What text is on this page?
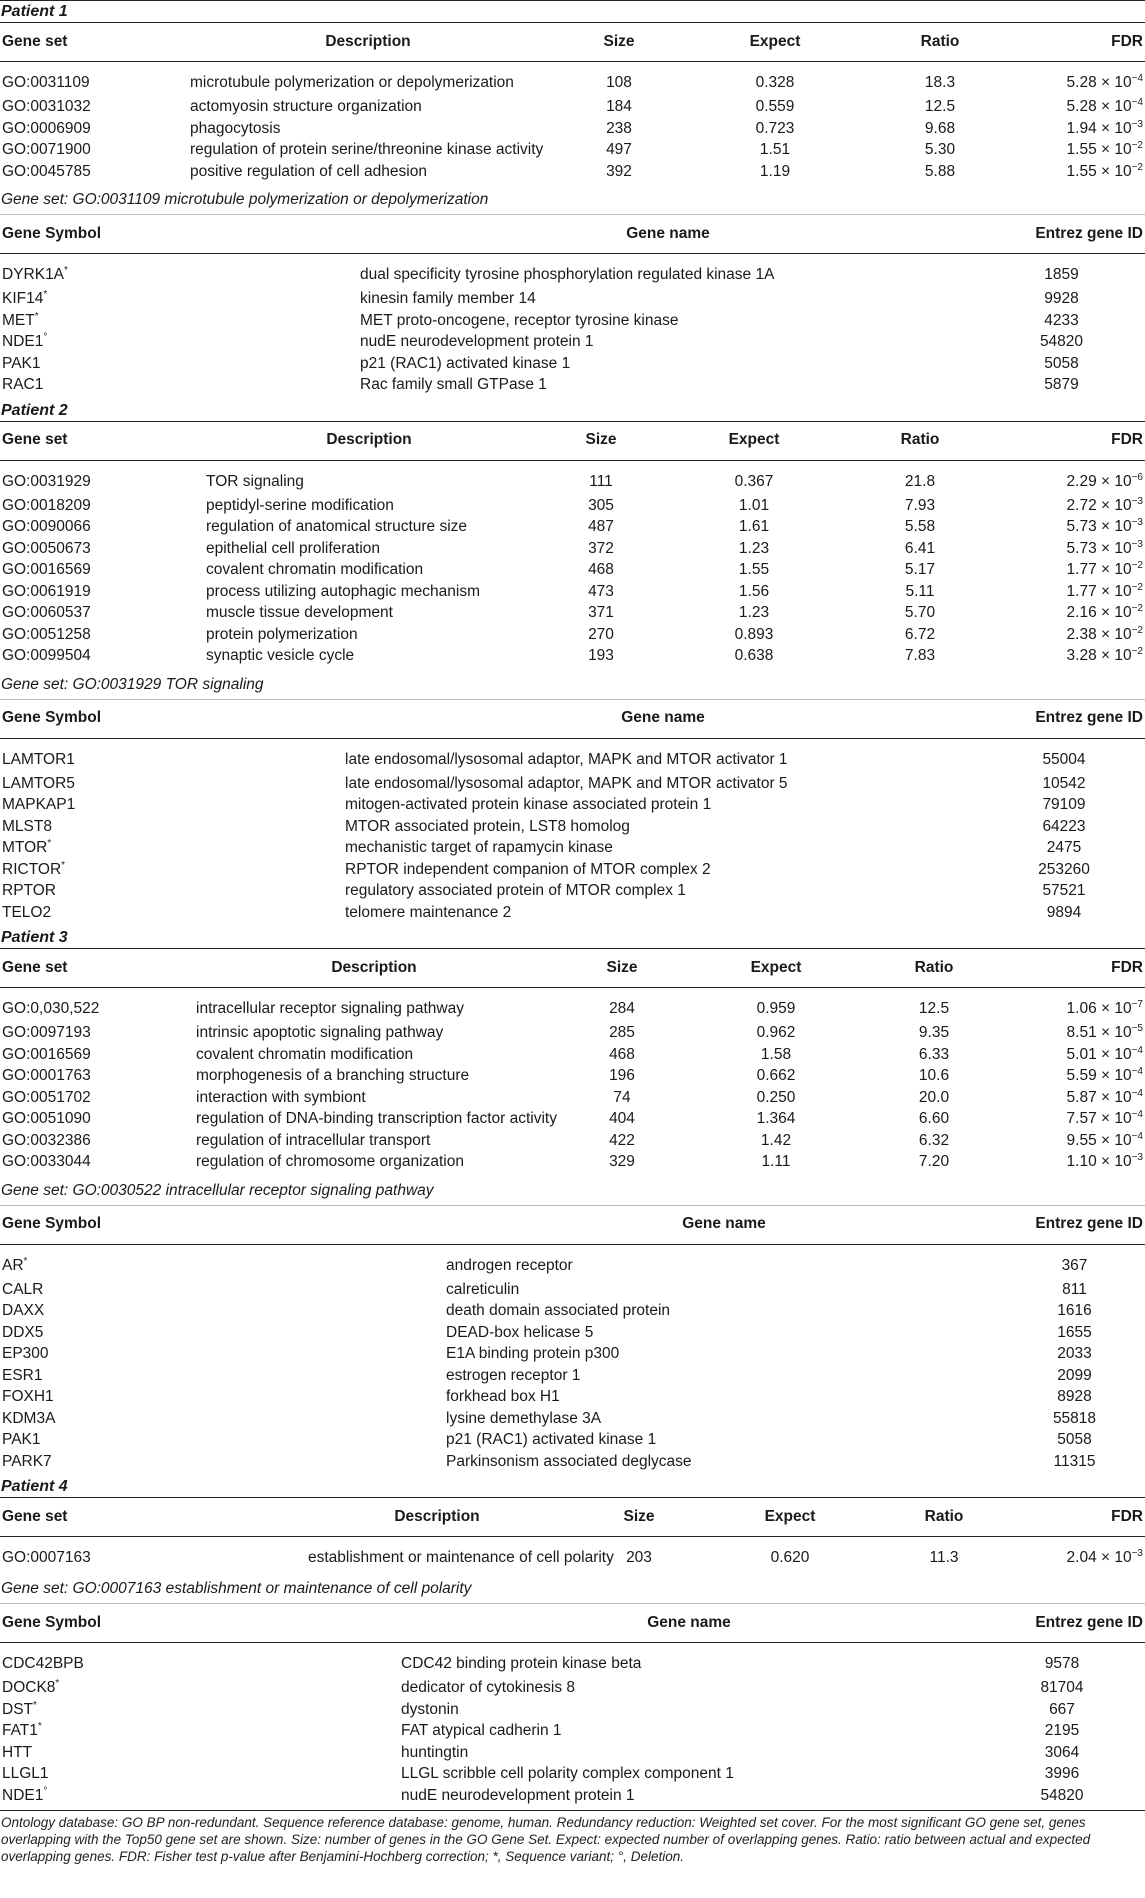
Patient 1
Gene set	Description	Size	Expect	Ratio	FDR
GO:0031109	microtubule polymerization or depolymerization	108	0.328	18.3	$5.28 \times 10^{-4}$
GO:0031032	actomyosin structure organization	184	0.559	12.5	$5.28 \times 10^{-4}$
GO:0006909	phagocytosis	238	0.723	9.68	$1.94 \times 10^{-3}$
GO:0071900	regulation of protein serine/threonine kinase activity	497	1.51	5.30	$1.55 \times 10^{-2}$
GO:0045785	positive regulation of cell adhesion	392	1.19	5.88	$1.55 \times 10^{-2}$
Gene set: GO:0031109 microtubule polymerization or depolymerization
Gene Symbol	Gene name	Entrez gene ID
DYRK1A*	dual specificity tyrosine phosphorylation regulated kinase 1A	1859
KIF14*	kinesin family member 14	9928
MET*	MET proto-oncogene, receptor tyrosine kinase	4233
NDE1°	nudE neurodevelopment protein 1	54820
PAK1	p21 (RAC1) activated kinase 1	5058
RAC1	Rac family small GTPase 1	5879
Patient 2
Gene set	Description	Size	Expect	Ratio	FDR
GO:0031929	TOR signaling	111	0.367	21.8	$2.29 \times 10^{-6}$
GO:0018209	peptidyl-serine modification	305	1.01	7.93	$2.72 \times 10^{-3}$
GO:0090066	regulation of anatomical structure size	487	1.61	5.58	$5.73 \times 10^{-3}$
GO:0050673	epithelial cell proliferation	372	1.23	6.41	$5.73 \times 10^{-3}$
GO:0016569	covalent chromatin modification	468	1.55	5.17	$1.77 \times 10^{-2}$
GO:0061919	process utilizing autophagic mechanism	473	1.56	5.11	$1.77 \times 10^{-2}$
GO:0060537	muscle tissue development	371	1.23	5.70	$2.16 \times 10^{-2}$
GO:0051258	protein polymerization	270	0.893	6.72	$2.38 \times 10^{-2}$
GO:0099504	synaptic vesicle cycle	193	0.638	7.83	$3.28 \times 10^{-2}$
Gene set: GO:0031929 TOR signaling
Gene Symbol	Gene name	Entrez gene ID
LAMTOR1	late endosomal/lysosomal adaptor, MAPK and MTOR activator 1	55004
LAMTOR5	late endosomal/lysosomal adaptor, MAPK and MTOR activator 5	10542
MAPKAP1	mitogen-activated protein kinase associated protein 1	79109
MLST8	MTOR associated protein, LST8 homolog	64223
MTOR*	mechanistic target of rapamycin kinase	2475
RICTOR*	RPTOR independent companion of MTOR complex 2	253260
RPTOR	regulatory associated protein of MTOR complex 1	57521
TELO2	telomere maintenance 2	9894
Patient 3
Gene set	Description	Size	Expect	Ratio	FDR
GO:0,030,522	intracellular receptor signaling pathway	284	0.959	12.5	$1.06 \times 10^{-7}$
GO:0097193	intrinsic apoptotic signaling pathway	285	0.962	9.35	$8.51 \times 10^{-5}$
GO:0016569	covalent chromatin modification	468	1.58	6.33	$5.01 \times 10^{-4}$
GO:0001763	morphogenesis of a branching structure	196	0.662	10.6	$5.59 \times 10^{-4}$
GO:0051702	interaction with symbiont	74	0.250	20.0	$5.87 \times 10^{-4}$
GO:0051090	regulation of DNA-binding transcription factor activity	404	1.364	6.60	$7.57 \times 10^{-4}$
GO:0032386	regulation of intracellular transport	422	1.42	6.32	$9.55 \times 10^{-4}$
GO:0033044	regulation of chromosome organization	329	1.11	7.20	$1.10 \times 10^{-3}$
Gene set: GO:0030522 intracellular receptor signaling pathway
Gene Symbol	Gene name	Entrez gene ID
AR*	androgen receptor	367
CALR	calreticulin	811
DAXX	death domain associated protein	1616
DDX5	DEAD-box helicase 5	1655
EP300	E1A binding protein p300	2033
ESR1	estrogen receptor 1	2099
FOXH1	forkhead box H1	8928
KDM3A	lysine demethylase 3A	55818
PAK1	p21 (RAC1) activated kinase 1	5058
PARK7	Parkinsonism associated deglycase	11315
Patient 4
Gene set	Description	Size	Expect	Ratio	FDR
GO:0007163	establishment or maintenance of cell polarity	203	0.620	11.3	$2.04 \times 10^{-3}$
Gene set: GO:0007163 establishment or maintenance of cell polarity
Gene Symbol	Gene name	Entrez gene ID
CDC42BPB	CDC42 binding protein kinase beta	9578
DOCK8*	dedicator of cytokinesis 8	81704
DST*	dystonin	667
FAT1*	FAT atypical cadherin 1	2195
HTT	huntingtin	3064
LLGL1	LLGL scribble cell polarity complex component 1	3996
NDE1°	nudE neurodevelopment protein 1	54820
Ontology database: GO BP non-redundant. Sequence reference database: genome, human. Redundancy reduction: Weighted set cover. For the most significant GO gene set, genes overlapping with the Top50 gene set are shown. Size: number of genes in the GO Gene Set. Expect: expected number of overlapping genes. Ratio: ratio between actual and expected overlapping genes. FDR: Fisher test p-value after Benjamini-Hochberg correction; *, Sequence variant; °, Deletion.
